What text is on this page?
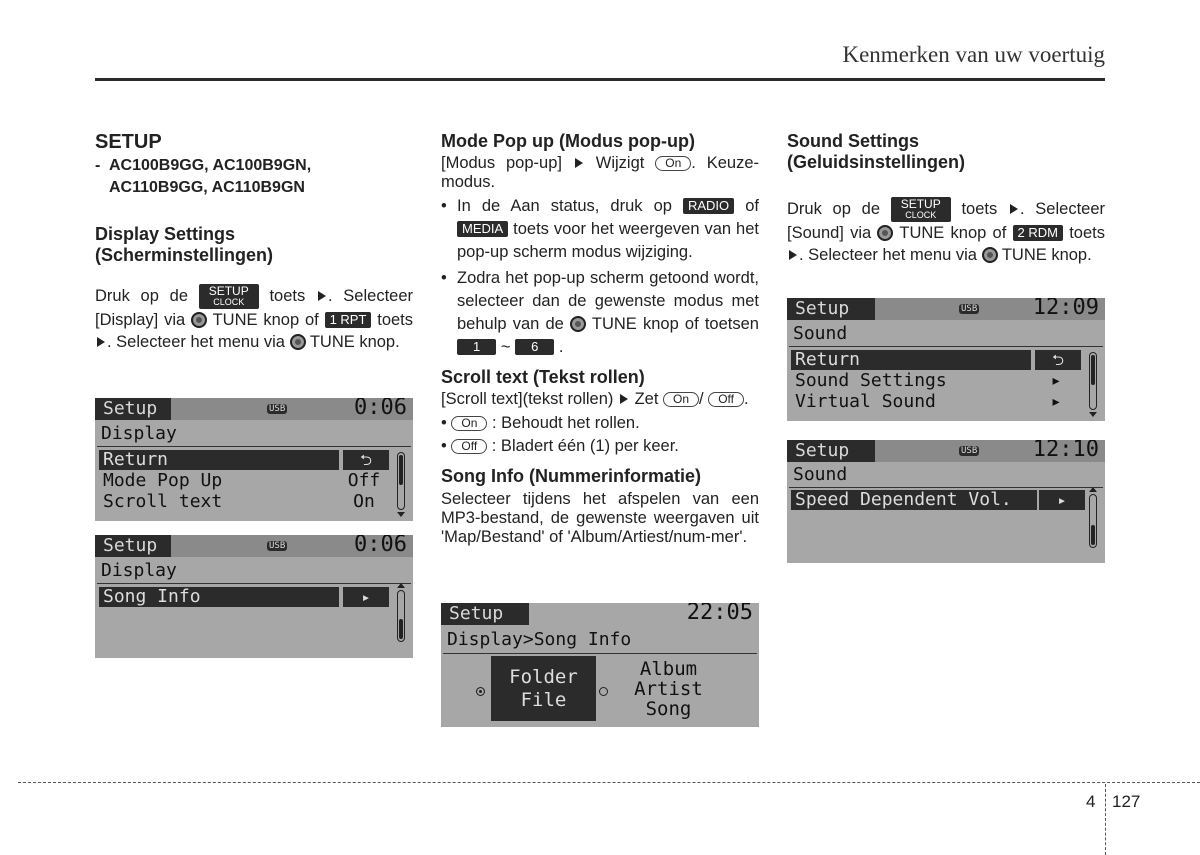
Kenmerken van uw voertuig
SETUP
- AC100B9GG, AC100B9GN,
AC110B9GG, AC110B9GN
Display Settings
(Scherminstellingen)

Druk op de	SETUP
CLOCK	toets . Selecteer [Display] via TUNE knop of 1 RPT toets . Selecteer het menu via TUNE knop.

Setup	USB	0:06
Display
Return	⮌
Mode Pop Up	Off
Scroll text	On
Setup	USB	0:06
Display
Song Info	▸
Mode Pop up (Modus pop-up)

[Modus pop-up] Wijzigt On . Keuze-modus.

• In de Aan status, druk op RADIO of MEDIA toets voor het weergeven van het pop-up scherm modus wijziging.
• Zodra het pop-up scherm getoond wordt, selecteer dan de gewenste modus met behulp van de TUNE knop of toetsen 1 ~ 6 .
Scroll text (Tekst rollen)

[Scroll text](tekst rollen) Zet On / Off .

• On : Behoudt het rollen.

• Off : Bladert één (1) per keer.

Song Info (Nummerinformatie)

Selecteer tijdens het afspelen van een MP3-bestand, de gewenste weergaven uit 'Map/Bestand' of 'Album/Artiest/num-mer'.

Setup	22:05
Display>Song Info
Folder
File
Album
Artist
Song
Sound Settings
(Geluidsinstellingen)

Druk op de	SETUP
CLOCK	toets . Selecteer [Sound] via TUNE knop of 2 RDM toets . Selecteer het menu via TUNE knop.

Setup	USB	12:09
Sound
Return	⮌
Sound Settings	▸
Virtual Sound	▸
Setup	USB	12:10
Sound
Speed Dependent Vol.	▸
4 127
